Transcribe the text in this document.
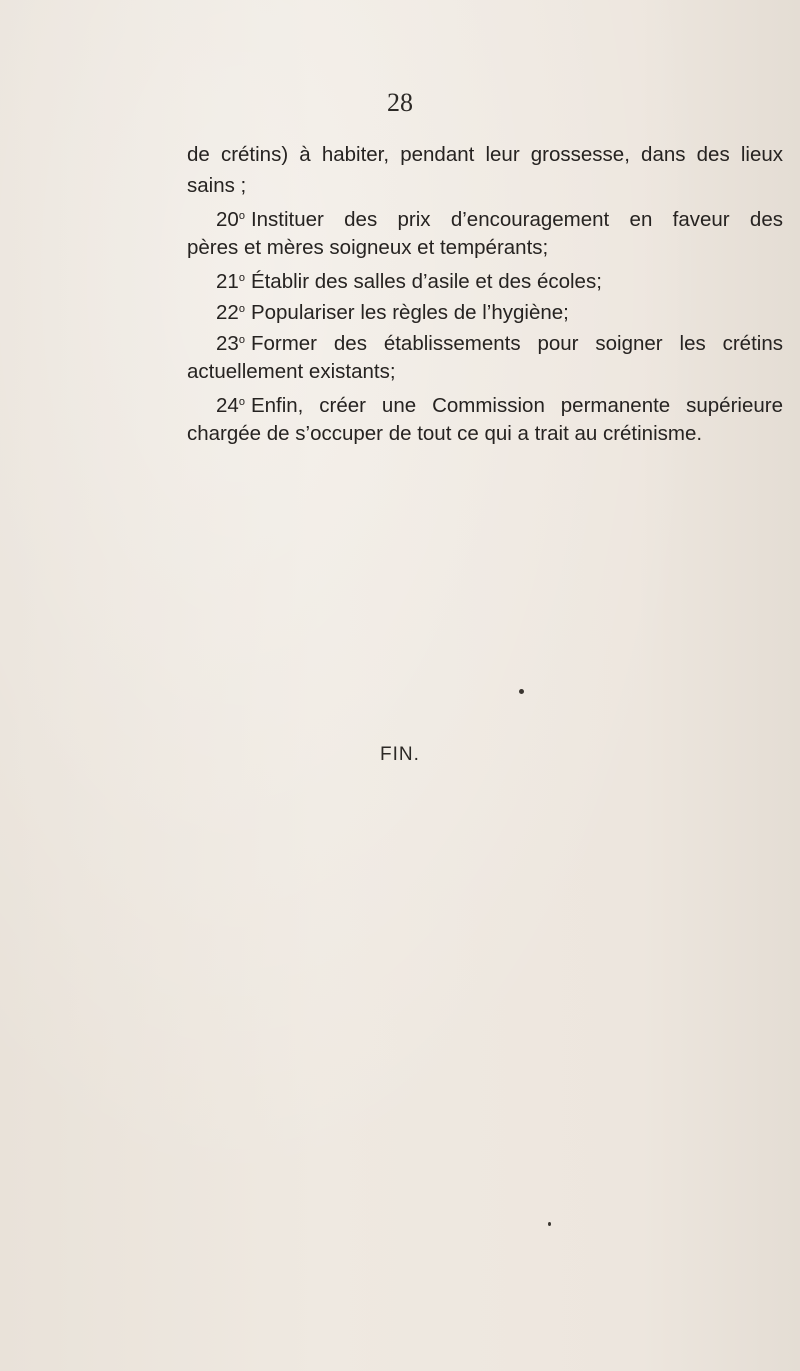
28
de crétins) à habiter, pendant leur grossesse, dans des lieux
sains ;
20$^o$ Instituer des prix d’encouragement en faveur des
pères et mères soigneux et tempérants;
21$^o$ Établir des salles d’asile et des écoles;
22$^o$ Populariser les règles de l’hygiène;
23$^o$ Former des établissements pour soigner les crétins
actuellement existants;
24$^o$ Enfin, créer une Commission permanente supérieure
chargée de s’occuper de tout ce qui a trait au crétinisme.
FIN.
